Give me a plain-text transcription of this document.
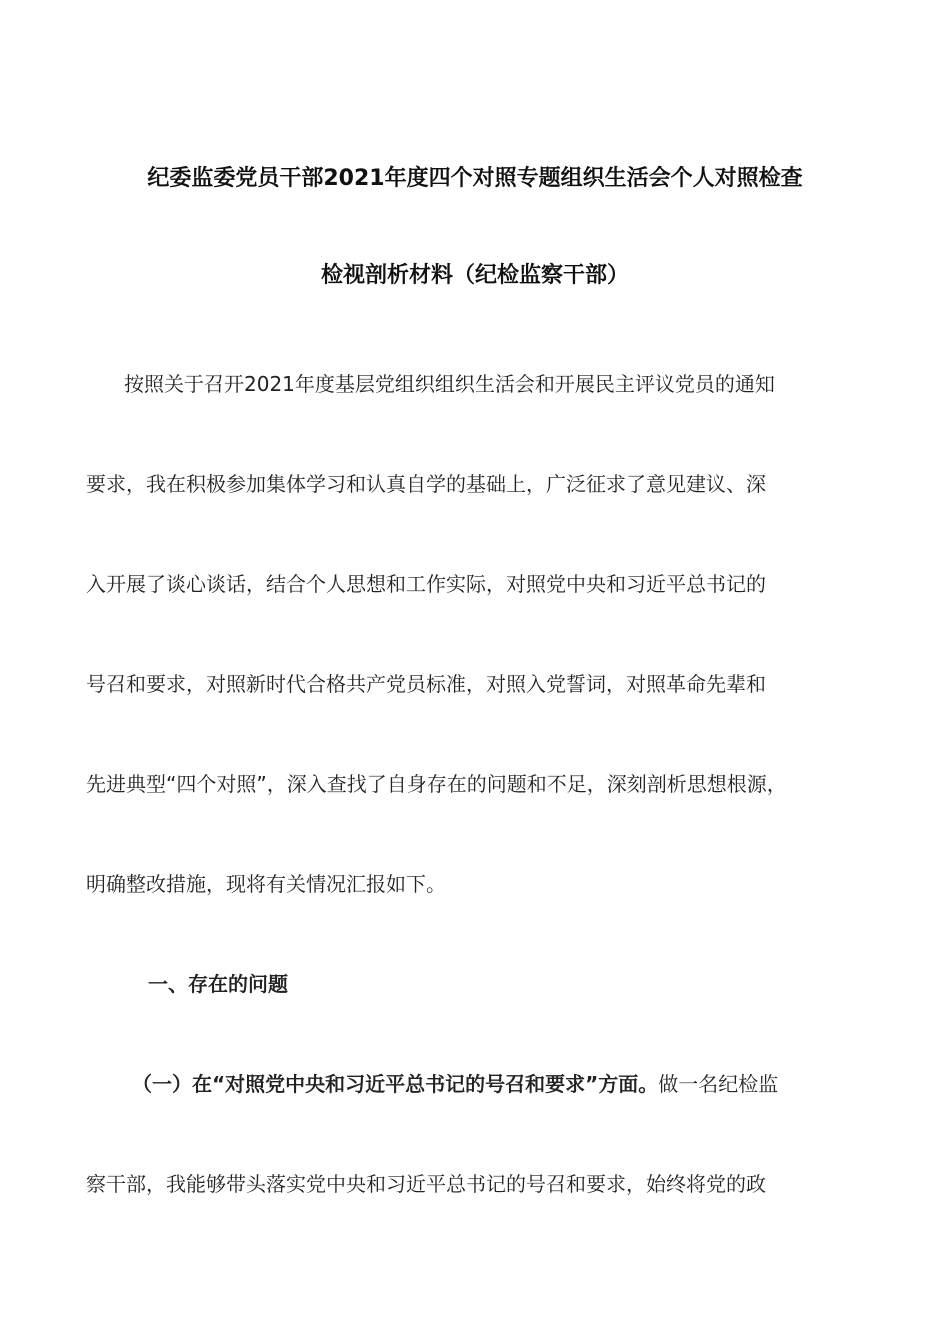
纪委监委党员干部2021年度四个对照专题组织生活会个人对照检查
检视剖析材料（纪检监察干部）
按照关于召开2021年度基层党组织组织生活会和开展民主评议党员的通知
要求，我在积极参加集体学习和认真自学的基础上，广泛征求了意见建议、深
入开展了谈心谈话，结合个人思想和工作实际，对照党中央和习近平总书记的
号召和要求，对照新时代合格共产党员标准，对照入党誓词，对照革命先辈和
先进典型“四个对照”，深入查找了自身存在的问题和不足，深刻剖析思想根源，
明确整改措施，现将有关情况汇报如下。
一、存在的问题
（一）在“对照党中央和习近平总书记的号召和要求”方面。做一名纪检监
察干部，我能够带头落实党中央和习近平总书记的号召和要求，始终将党的政
